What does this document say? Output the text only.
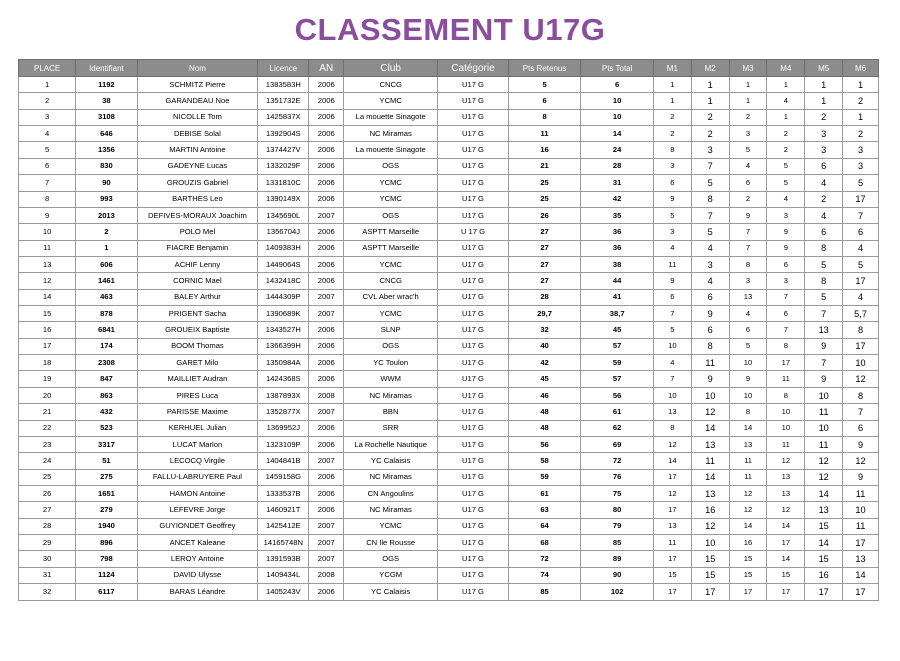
CLASSEMENT U17G
PLACE	Identifiant	Nom	Licence	AN	Club	Catégorie	Pts Retenus	Pts Total	M1	M2	M3	M4	M5	M6
1	1192	SCHMITZ Pierre	1383583H	2006	CNCG	U17 G	5	6	1	1	1	1	1	1
2	38	GARANDEAU Noe	1351732E	2006	YCMC	U17 G	6	10	1	1	1	4	1	2
3	3108	NICOLLE Tom	1425837X	2006	La mouette Sinagote	U17 G	8	10	2	2	2	1	2	1
4	646	DEBISE Solal	1392904S	2006	NC Miramas	U17 G	11	14	2	2	3	2	3	2
5	1356	MARTIN Antoine	1374427V	2006	La mouette Sinagote	U17 G	16	24	8	3	5	2	3	3
6	830	GADEYNE Lucas	1332029F	2006	OGS	U17 G	21	28	3	7	4	5	6	3
7	90	GROUZIS Gabriel	1331810C	2006	YCMC	U17 G	25	31	6	5	6	5	4	5
8	993	BARTHES Leo	1390149X	2006	YCMC	U17 G	25	42	9	8	2	4	2	17
9	2013	DEFIVES-MORAUX Joachim	1345690L	2007	OGS	U17 G	26	35	5	7	9	3	4	7
10	2	POLO Mel	1356704J	2006	ASPTT Marseille	U 17 G	27	36	3	5	7	9	6	6
11	1	FIACRE Benjamin	1409383H	2006	ASPTT Marseille	U17 G	27	36	4	4	7	9	8	4
13	606	ACHIF Lenny	1449064S	2006	YCMC	U17 G	27	38	11	3	8	6	5	5
12	1461	CORNIC Mael	1432418C	2006	CNCG	U17 G	27	44	9	4	3	3	8	17
14	463	BALEY Arthur	1444309P	2007	CVL Aber wrac'h	U17 G	28	41	6	6	13	7	5	4
15	878	PRIGENT Sacha	1390689K	2007	YCMC	U17 G	29,7	38,7	7	9	4	6	7	5,7
16	6841	GROUEIX Baptiste	1343527H	2006	SLNP	U17 G	32	45	5	6	6	7	13	8
17	174	BOOM Thomas	1366399H	2006	OGS	U17 G	40	57	10	8	5	8	9	17
18	2308	GARET Milo	1350984A	2006	YC Toulon	U17 G	42	59	4	11	10	17	7	10
19	847	MAILLIET Audran	1424368S	2006	WWM	U17 G	45	57	7	9	9	11	9	12
20	863	PIRES Luca	1387893X	2008	NC Miramas	U17 G	46	56	10	10	10	8	10	8
21	432	PARISSE Maxime	1352877X	2007	BBN	U17 G	48	61	13	12	8	10	11	7
22	523	KERHUEL Julian	1369952J	2006	SRR	U17 G	48	62	8	14	14	10	10	6
23	3317	LUCAT Marlon	1323109P	2006	La Rochelle Nautique	U17 G	56	69	12	13	13	11	11	9
24	51	LECOCQ Virgile	1404841B	2007	YC Calaisis	U17 G	58	72	14	11	11	12	12	12
25	275	FALLU-LABRUYERE Paul	1459158G	2006	NC Miramas	U17 G	59	76	17	14	11	13	12	9
26	1651	HAMON Antoine	1333537B	2006	CN Angoulins	U17 G	61	75	12	13	12	13	14	11
27	279	LEFEVRE Jorge	1460921T	2006	NC Miramas	U17 G	63	80	17	16	12	12	13	10
28	1940	GUYIONDET Geoffrey	1425412E	2007	YCMC	U17 G	64	79	13	12	14	14	15	11
29	896	ANCET Kaleane	14165748N	2007	CN Ile Rousse	U17 G	68	85	11	10	16	17	14	17
30	798	LEROY Antoine	1391593B	2007	OGS	U17 G	72	89	17	15	15	14	15	13
31	1124	DAVID Ulysse	1409434L	2008	YCGM	U17 G	74	90	15	15	15	15	16	14
32	6117	BARAS Léandre	1405243V	2006	YC Calaisis	U17 G	85	102	17	17	17	17	17	17
